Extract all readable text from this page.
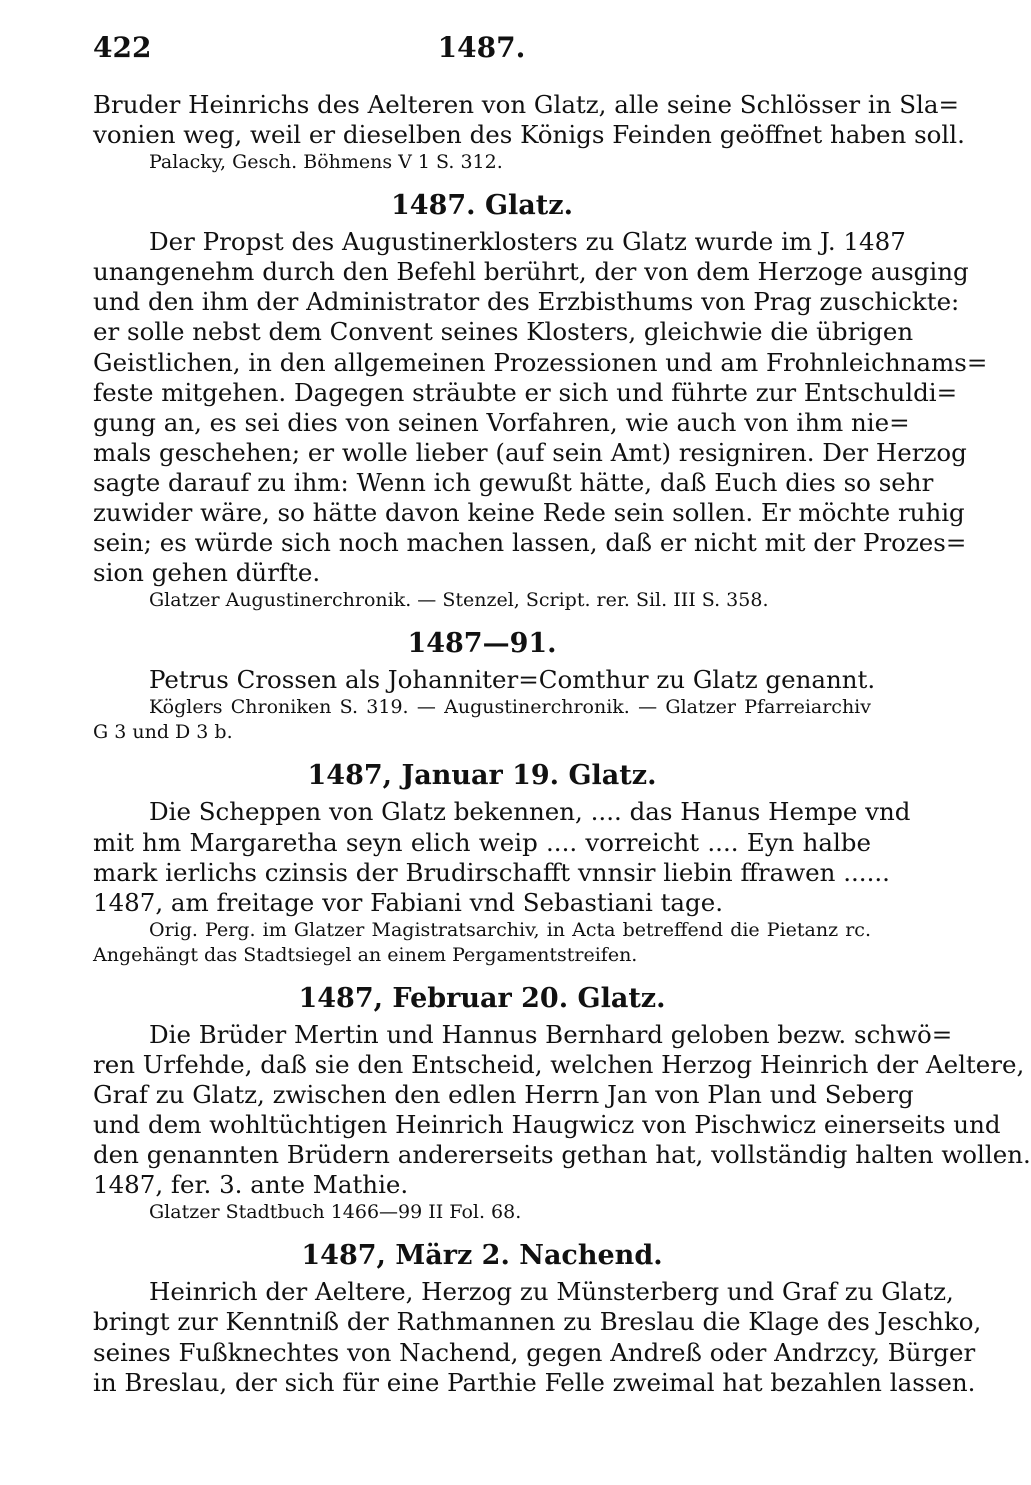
422	1487.
Bruder Heinrichs des Aelteren von Glatz, alle seine Schlösser in Sla=
vonien weg, weil er dieselben des Königs Feinden geöffnet haben soll.
Palacky, Gesch. Böhmens V 1 S. 312.
1487. Glatz.
Der Propst des Augustinerklosters zu Glatz wurde im J. 1487
unangenehm durch den Befehl berührt, der von dem Herzoge ausging
und den ihm der Administrator des Erzbisthums von Prag zuschickte:
er solle nebst dem Convent seines Klosters, gleichwie die übrigen
Geistlichen, in den allgemeinen Prozessionen und am Frohnleichnams=
feste mitgehen. Dagegen sträubte er sich und führte zur Entschuldi=
gung an, es sei dies von seinen Vorfahren, wie auch von ihm nie=
mals geschehen; er wolle lieber (auf sein Amt) resigniren. Der Herzog
sagte darauf zu ihm: Wenn ich gewußt hätte, daß Euch dies so sehr
zuwider wäre, so hätte davon keine Rede sein sollen. Er möchte ruhig
sein; es würde sich noch machen lassen, daß er nicht mit der Prozes=
sion gehen dürfte.
Glatzer Augustinerchronik. — Stenzel, Script. rer. Sil. III S. 358.
1487—91.
Petrus Crossen als Johanniter=Comthur zu Glatz genannt.
Köglers Chroniken S. 319. — Augustinerchronik. — Glatzer Pfarreiarchiv
G 3 und D 3 b.
1487, Januar 19. Glatz.
Die Scheppen von Glatz bekennen, .... das Hanus Hempe vnd
mit hm Margaretha seyn elich weip .... vorreicht .... Eyn halbe
mark ierlichs czinsis der Brudirschafft vnnsir liebin ffrawen ......
1487, am freitage vor Fabiani vnd Sebastiani tage.
Orig. Perg. im Glatzer Magistratsarchiv, in Acta betreffend die Pietanz rc.
Angehängt das Stadtsiegel an einem Pergamentstreifen.
1487, Februar 20. Glatz.
Die Brüder Mertin und Hannus Bernhard geloben bezw. schwö=
ren Urfehde, daß sie den Entscheid, welchen Herzog Heinrich der Aeltere,
Graf zu Glatz, zwischen den edlen Herrn Jan von Plan und Seberg
und dem wohltüchtigen Heinrich Haugwicz von Pischwicz einerseits und
den genannten Brüdern andererseits gethan hat, vollständig halten wollen.
1487, fer. 3. ante Mathie.
Glatzer Stadtbuch 1466—99 II Fol. 68.
1487, März 2. Nachend.
Heinrich der Aeltere, Herzog zu Münsterberg und Graf zu Glatz,
bringt zur Kenntniß der Rathmannen zu Breslau die Klage des Jeschko,
seines Fußknechtes von Nachend, gegen Andreß oder Andrzcy, Bürger
in Breslau, der sich für eine Parthie Felle zweimal hat bezahlen lassen.
